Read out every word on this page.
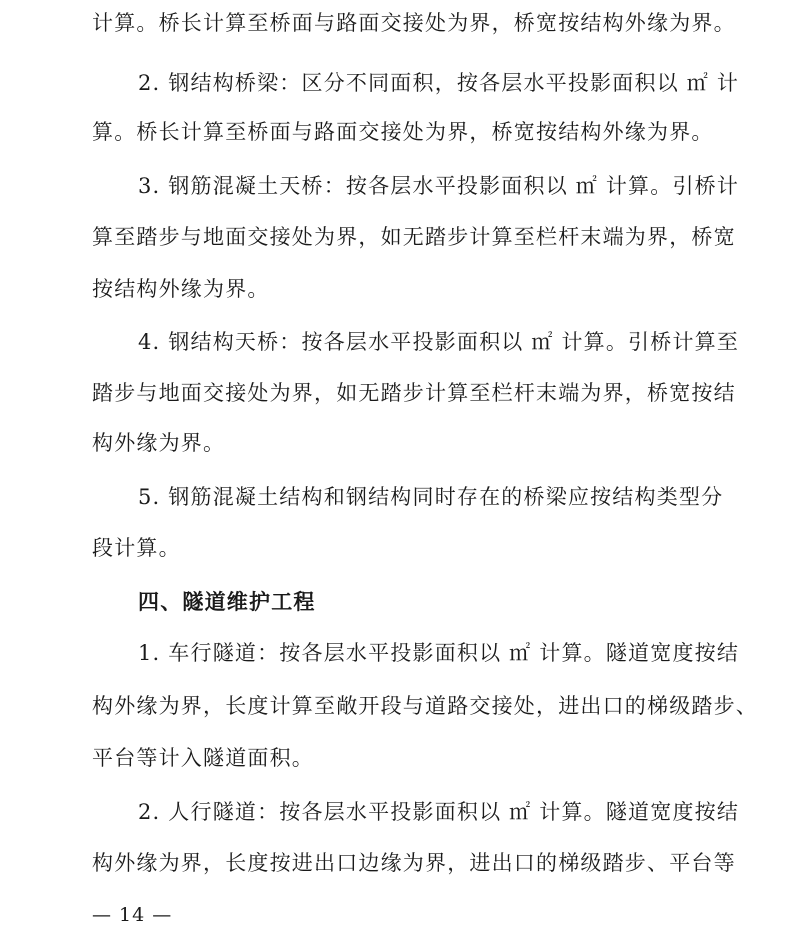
计算。桥长计算至桥面与路面交接处为界，桥宽按结构外缘为界。
2. 钢结构桥梁：区分不同面积，按各层水平投影面积以 ㎡ 计
算。桥长计算至桥面与路面交接处为界，桥宽按结构外缘为界。
3. 钢筋混凝土天桥：按各层水平投影面积以 ㎡ 计算。引桥计
算至踏步与地面交接处为界，如无踏步计算至栏杆末端为界，桥宽
按结构外缘为界。
4. 钢结构天桥：按各层水平投影面积以 ㎡ 计算。引桥计算至
踏步与地面交接处为界，如无踏步计算至栏杆末端为界，桥宽按结
构外缘为界。
5. 钢筋混凝土结构和钢结构同时存在的桥梁应按结构类型分
段计算。
四、隧道维护工程
1. 车行隧道：按各层水平投影面积以 ㎡ 计算。隧道宽度按结
构外缘为界，长度计算至敞开段与道路交接处，进出口的梯级踏步、
平台等计入隧道面积。
2. 人行隧道：按各层水平投影面积以 ㎡ 计算。隧道宽度按结
构外缘为界，长度按进出口边缘为界，进出口的梯级踏步、平台等
— 14 —
